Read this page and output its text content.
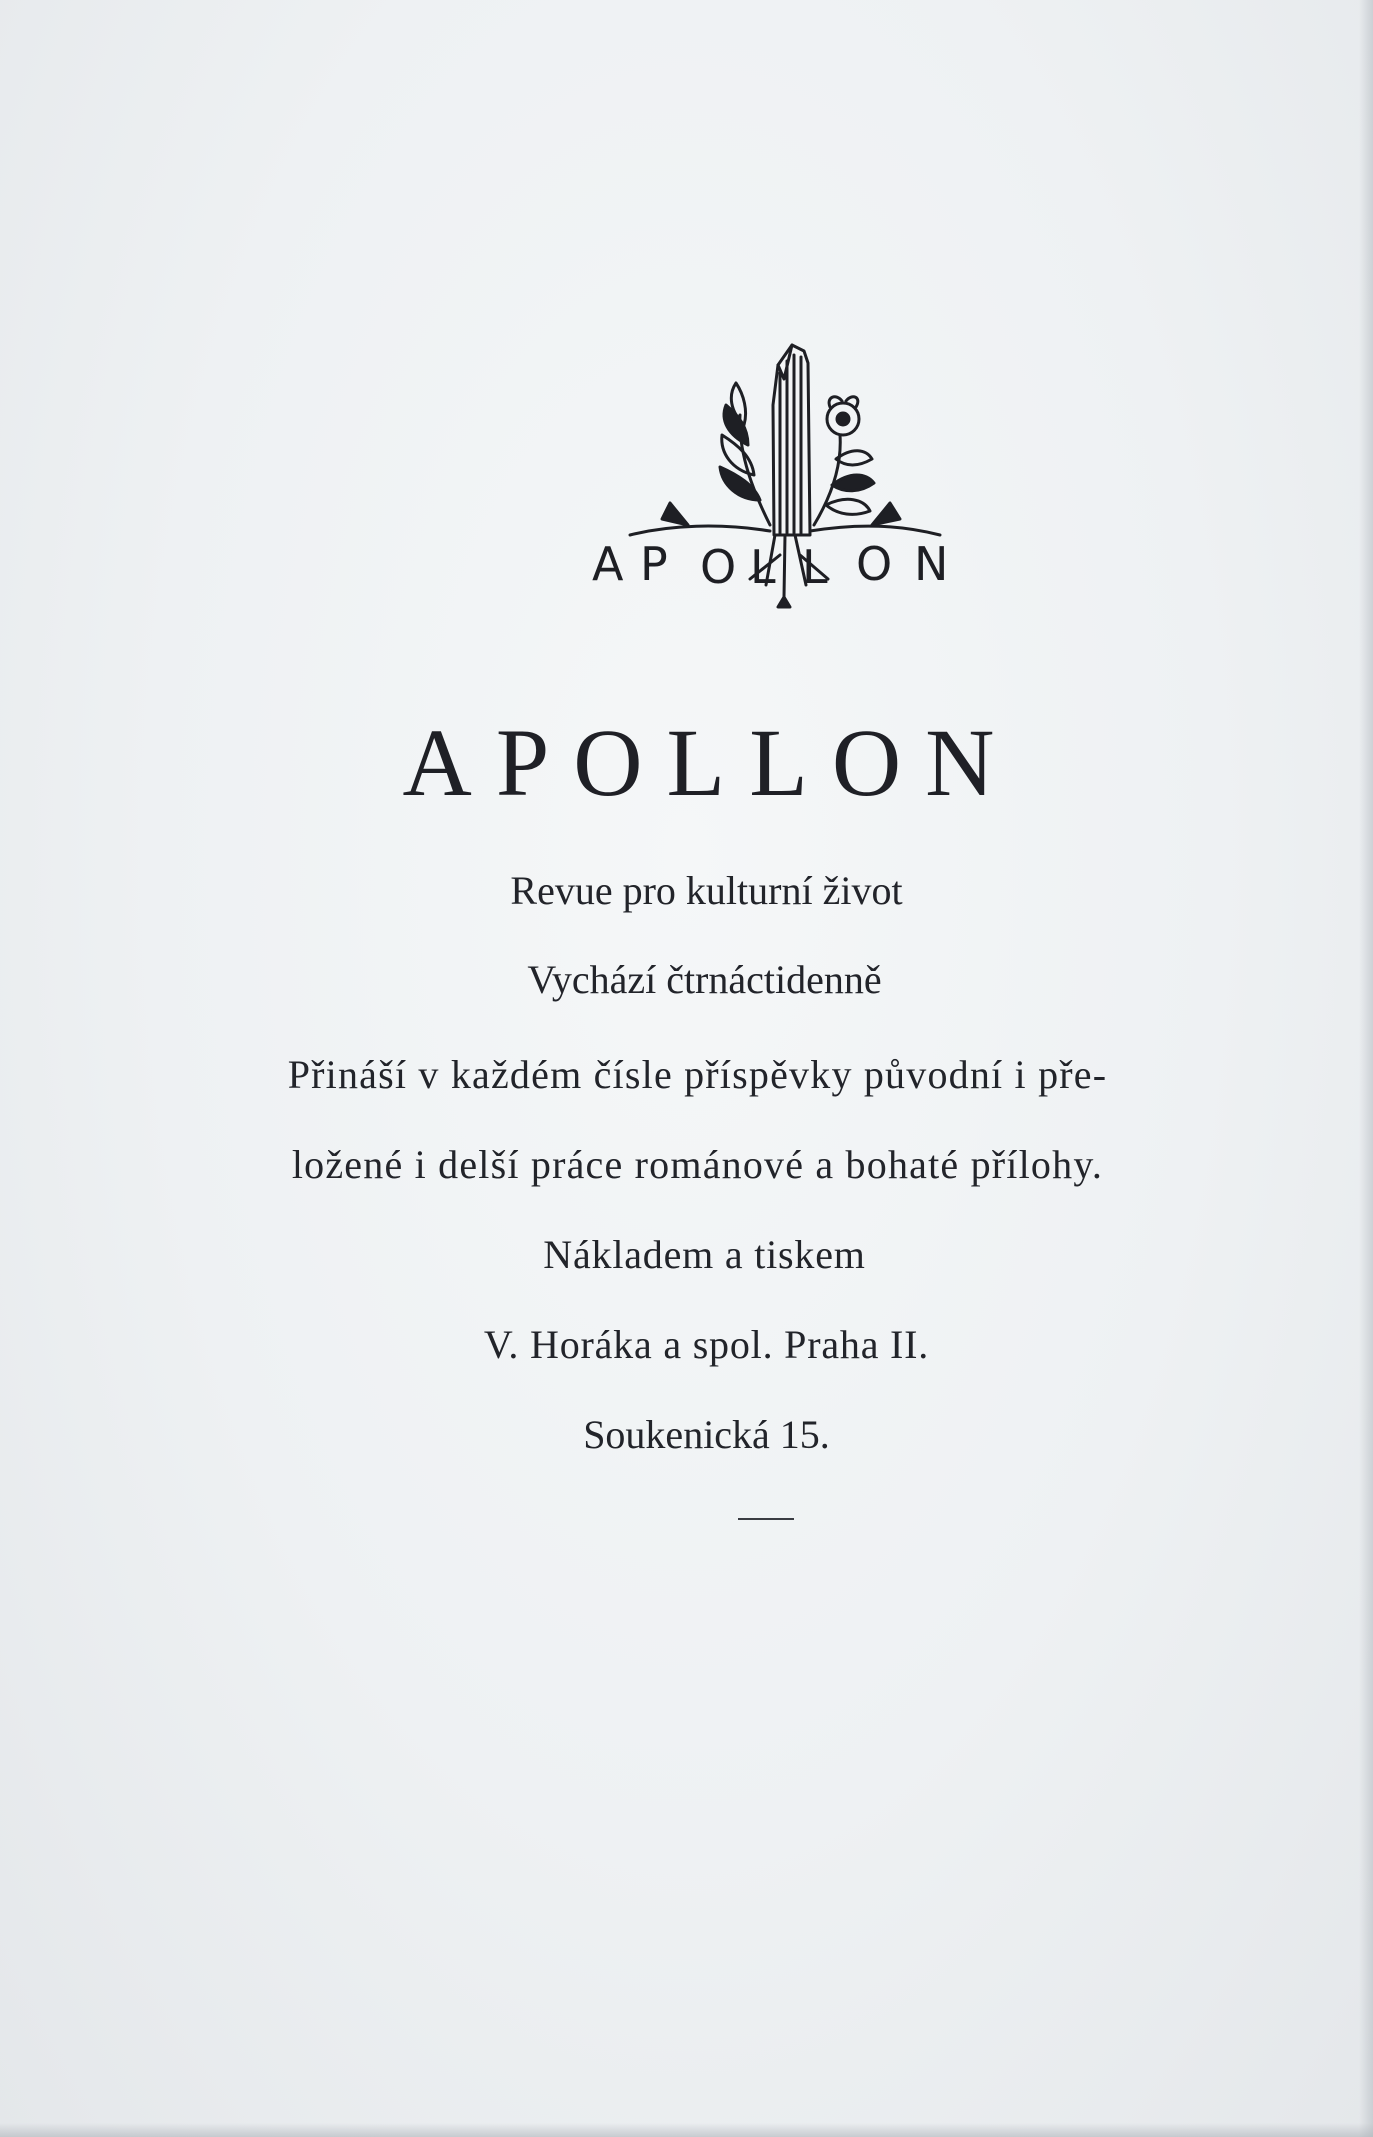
A P O L L O N
APOLLON
Revue pro kulturní život
Vychází čtrnáctidenně
Přináší v každém čísle příspěvky původní i pře-
ložené i delší práce románové a bohaté přílohy.
Nákladem a tiskem
V. Horáka a spol. Praha II.
Soukenická 15.
